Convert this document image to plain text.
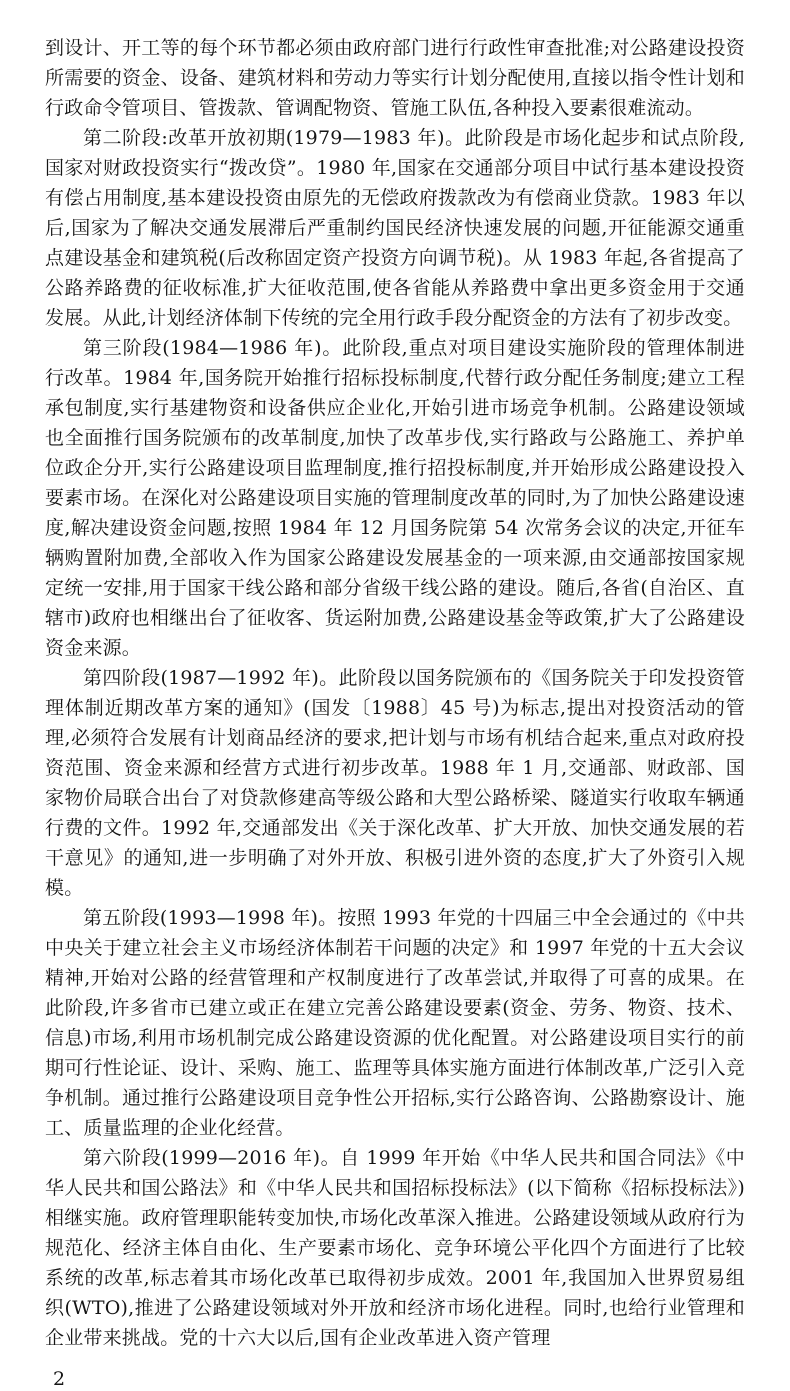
到设计、开工等的每个环节都必须由政府部门进行行政性审查批准;对公路建设投资所需要的资金、设备、建筑材料和劳动力等实行计划分配使用,直接以指令性计划和行政命令管项目、管拨款、管调配物资、管施工队伍,各种投入要素很难流动。

第二阶段:改革开放初期(1979—1983 年)。此阶段是市场化起步和试点阶段,国家对财政投资实行“拨改贷”。1980 年,国家在交通部分项目中试行基本建设投资有偿占用制度,基本建设投资由原先的无偿政府拨款改为有偿商业贷款。1983 年以后,国家为了解决交通发展滞后严重制约国民经济快速发展的问题,开征能源交通重点建设基金和建筑税(后改称固定资产投资方向调节税)。从 1983 年起,各省提高了公路养路费的征收标准,扩大征收范围,使各省能从养路费中拿出更多资金用于交通发展。从此,计划经济体制下传统的完全用行政手段分配资金的方法有了初步改变。

第三阶段(1984—1986 年)。此阶段,重点对项目建设实施阶段的管理体制进行改革。1984 年,国务院开始推行招标投标制度,代替行政分配任务制度;建立工程承包制度,实行基建物资和设备供应企业化,开始引进市场竞争机制。公路建设领域也全面推行国务院颁布的改革制度,加快了改革步伐,实行路政与公路施工、养护单位政企分开,实行公路建设项目监理制度,推行招投标制度,并开始形成公路建设投入要素市场。在深化对公路建设项目实施的管理制度改革的同时,为了加快公路建设速度,解决建设资金问题,按照 1984 年 12 月国务院第 54 次常务会议的决定,开征车辆购置附加费,全部收入作为国家公路建设发展基金的一项来源,由交通部按国家规定统一安排,用于国家干线公路和部分省级干线公路的建设。随后,各省(自治区、直辖市)政府也相继出台了征收客、货运附加费,公路建设基金等政策,扩大了公路建设资金来源。

第四阶段(1987—1992 年)。此阶段以国务院颁布的《国务院关于印发投资管理体制近期改革方案的通知》(国发〔1988〕45 号)为标志,提出对投资活动的管理,必须符合发展有计划商品经济的要求,把计划与市场有机结合起来,重点对政府投资范围、资金来源和经营方式进行初步改革。1988 年 1 月,交通部、财政部、国家物价局联合出台了对贷款修建高等级公路和大型公路桥梁、隧道实行收取车辆通行费的文件。1992 年,交通部发出《关于深化改革、扩大开放、加快交通发展的若干意见》的通知,进一步明确了对外开放、积极引进外资的态度,扩大了外资引入规模。

第五阶段(1993—1998 年)。按照 1993 年党的十四届三中全会通过的《中共中央关于建立社会主义市场经济体制若干问题的决定》和 1997 年党的十五大会议精神,开始对公路的经营管理和产权制度进行了改革尝试,并取得了可喜的成果。在此阶段,许多省市已建立或正在建立完善公路建设要素(资金、劳务、物资、技术、信息)市场,利用市场机制完成公路建设资源的优化配置。对公路建设项目实行的前期可行性论证、设计、采购、施工、监理等具体实施方面进行体制改革,广泛引入竞争机制。通过推行公路建设项目竞争性公开招标,实行公路咨询、公路勘察设计、施工、质量监理的企业化经营。

第六阶段(1999—2016 年)。自 1999 年开始《中华人民共和国合同法》《中华人民共和国公路法》和《中华人民共和国招标投标法》(以下简称《招标投标法》)相继实施。政府管理职能转变加快,市场化改革深入推进。公路建设领域从政府行为规范化、经济主体自由化、生产要素市场化、竞争环境公平化四个方面进行了比较系统的改革,标志着其市场化改革已取得初步成效。2001 年,我国加入世界贸易组织(WTO),推进了公路建设领域对外开放和经济市场化进程。同时,也给行业管理和企业带来挑战。党的十六大以后,国有企业改革进入资产管理

2
